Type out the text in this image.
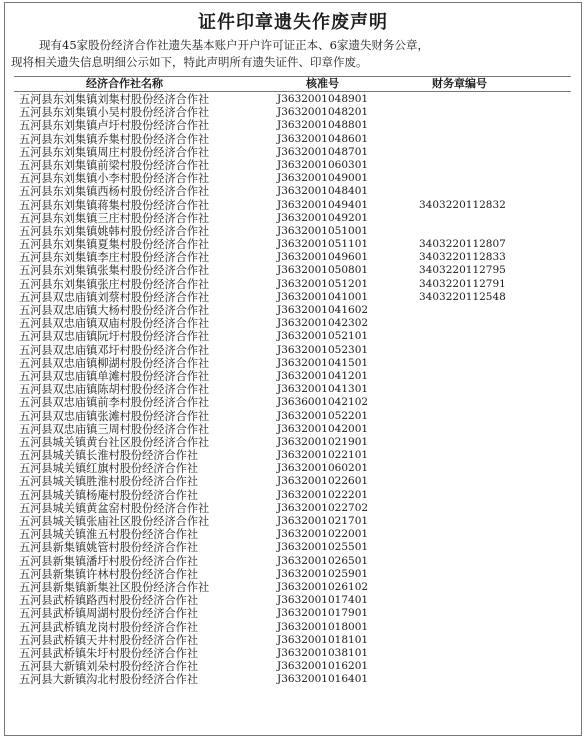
证件印章遗失作废声明
现有45家股份经济合作社遗失基本账户开户许可证正本、6家遗失财务公章，
现将相关遗失信息明细公示如下，特此声明所有遗失证件、印章作废。
经济合作社名称	核准号	财务章编号
五河县东刘集镇刘集村股份经济合作社	J3632001048901
五河县东刘集镇小吴村股份经济合作社	J3632001048201
五河县东刘集镇卢圩村股份经济合作社	J3632001048801
五河县东刘集镇乔集村股份经济合作社	J3632001048601
五河县东刘集镇周庄村股份经济合作社	J3632001048701
五河县东刘集镇前梁村股份经济合作社	J3632001060301
五河县东刘集镇小李村股份经济合作社	J3632001049001
五河县东刘集镇西杨村股份经济合作社	J3632001048401
五河县东刘集镇蒋集村股份经济合作社	J3632001049401	3403220112832
五河县东刘集镇三庄村股份经济合作社	J3632001049201
五河县东刘集镇姚韩村股份经济合作社	J3632001051001
五河县东刘集镇夏集村股份经济合作社	J3632001051101	3403220112807
五河县东刘集镇李庄村股份经济合作社	J3632001049601	3403220112833
五河县东刘集镇张集村股份经济合作社	J3632001050801	3403220112795
五河县东刘集镇张庄村股份经济合作社	J3632001051201	3403220112791
五河县双忠庙镇刘蔡村股份经济合作社	J3632001041001	3403220112548
五河县双忠庙镇大杨村股份经济合作社	J3632001041602
五河县双忠庙镇双庙村股份经济合作社	J3632001042302
五河县双忠庙镇阮圩村股份经济合作社	J3632001052101
五河县双忠庙镇邓圩村股份经济合作社	J3632001052301
五河县双忠庙镇柳湖村股份经济合作社	J3632001041501
五河县双忠庙镇单滩村股份经济合作社	J3632001041201
五河县双忠庙镇陈胡村股份经济合作社	J3632001041301
五河县双忠庙镇前李村股份经济合作社	J3636001042102
五河县双忠庙镇张滩村股份经济合作社	J3632001052201
五河县双忠庙镇三周村股份经济合作社	J3632001042001
五河县城关镇黄台社区股份经济合作社	J3632001021901
五河县城关镇长淮村股份经济合作社	J3632001022101
五河县城关镇红旗村股份经济合作社	J3632001060201
五河县城关镇胜淮村股份经济合作社	J3632001022601
五河县城关镇杨庵村股份经济合作社	J3632001022201
五河县城关镇黄盆窑村股份经济合作社	J3632001022702
五河县城关镇张庙社区股份经济合作社	J3632001021701
五河县城关镇淮五村股份经济合作社	J3632001022001
五河县新集镇姚管村股份经济合作社	J3632001025501
五河县新集镇潘圩村股份经济合作社	J3632001026501
五河县新集镇许林村股份经济合作社	J3632001025901
五河县新集镇新集社区股份经济合作社	J3632001026102
五河县武桥镇路西村股份经济合作社	J3632001017401
五河县武桥镇周湖村股份经济合作社	J3632001017901
五河县武桥镇龙岗村股份经济合作社	J3632001018001
五河县武桥镇天井村股份经济合作社	J3632001018101
五河县武桥镇朱圩村股份经济合作社	J3632001038101
五河县大新镇刘朵村股份经济合作社	J3632001016201
五河县大新镇沟北村股份经济合作社	J3632001016401
